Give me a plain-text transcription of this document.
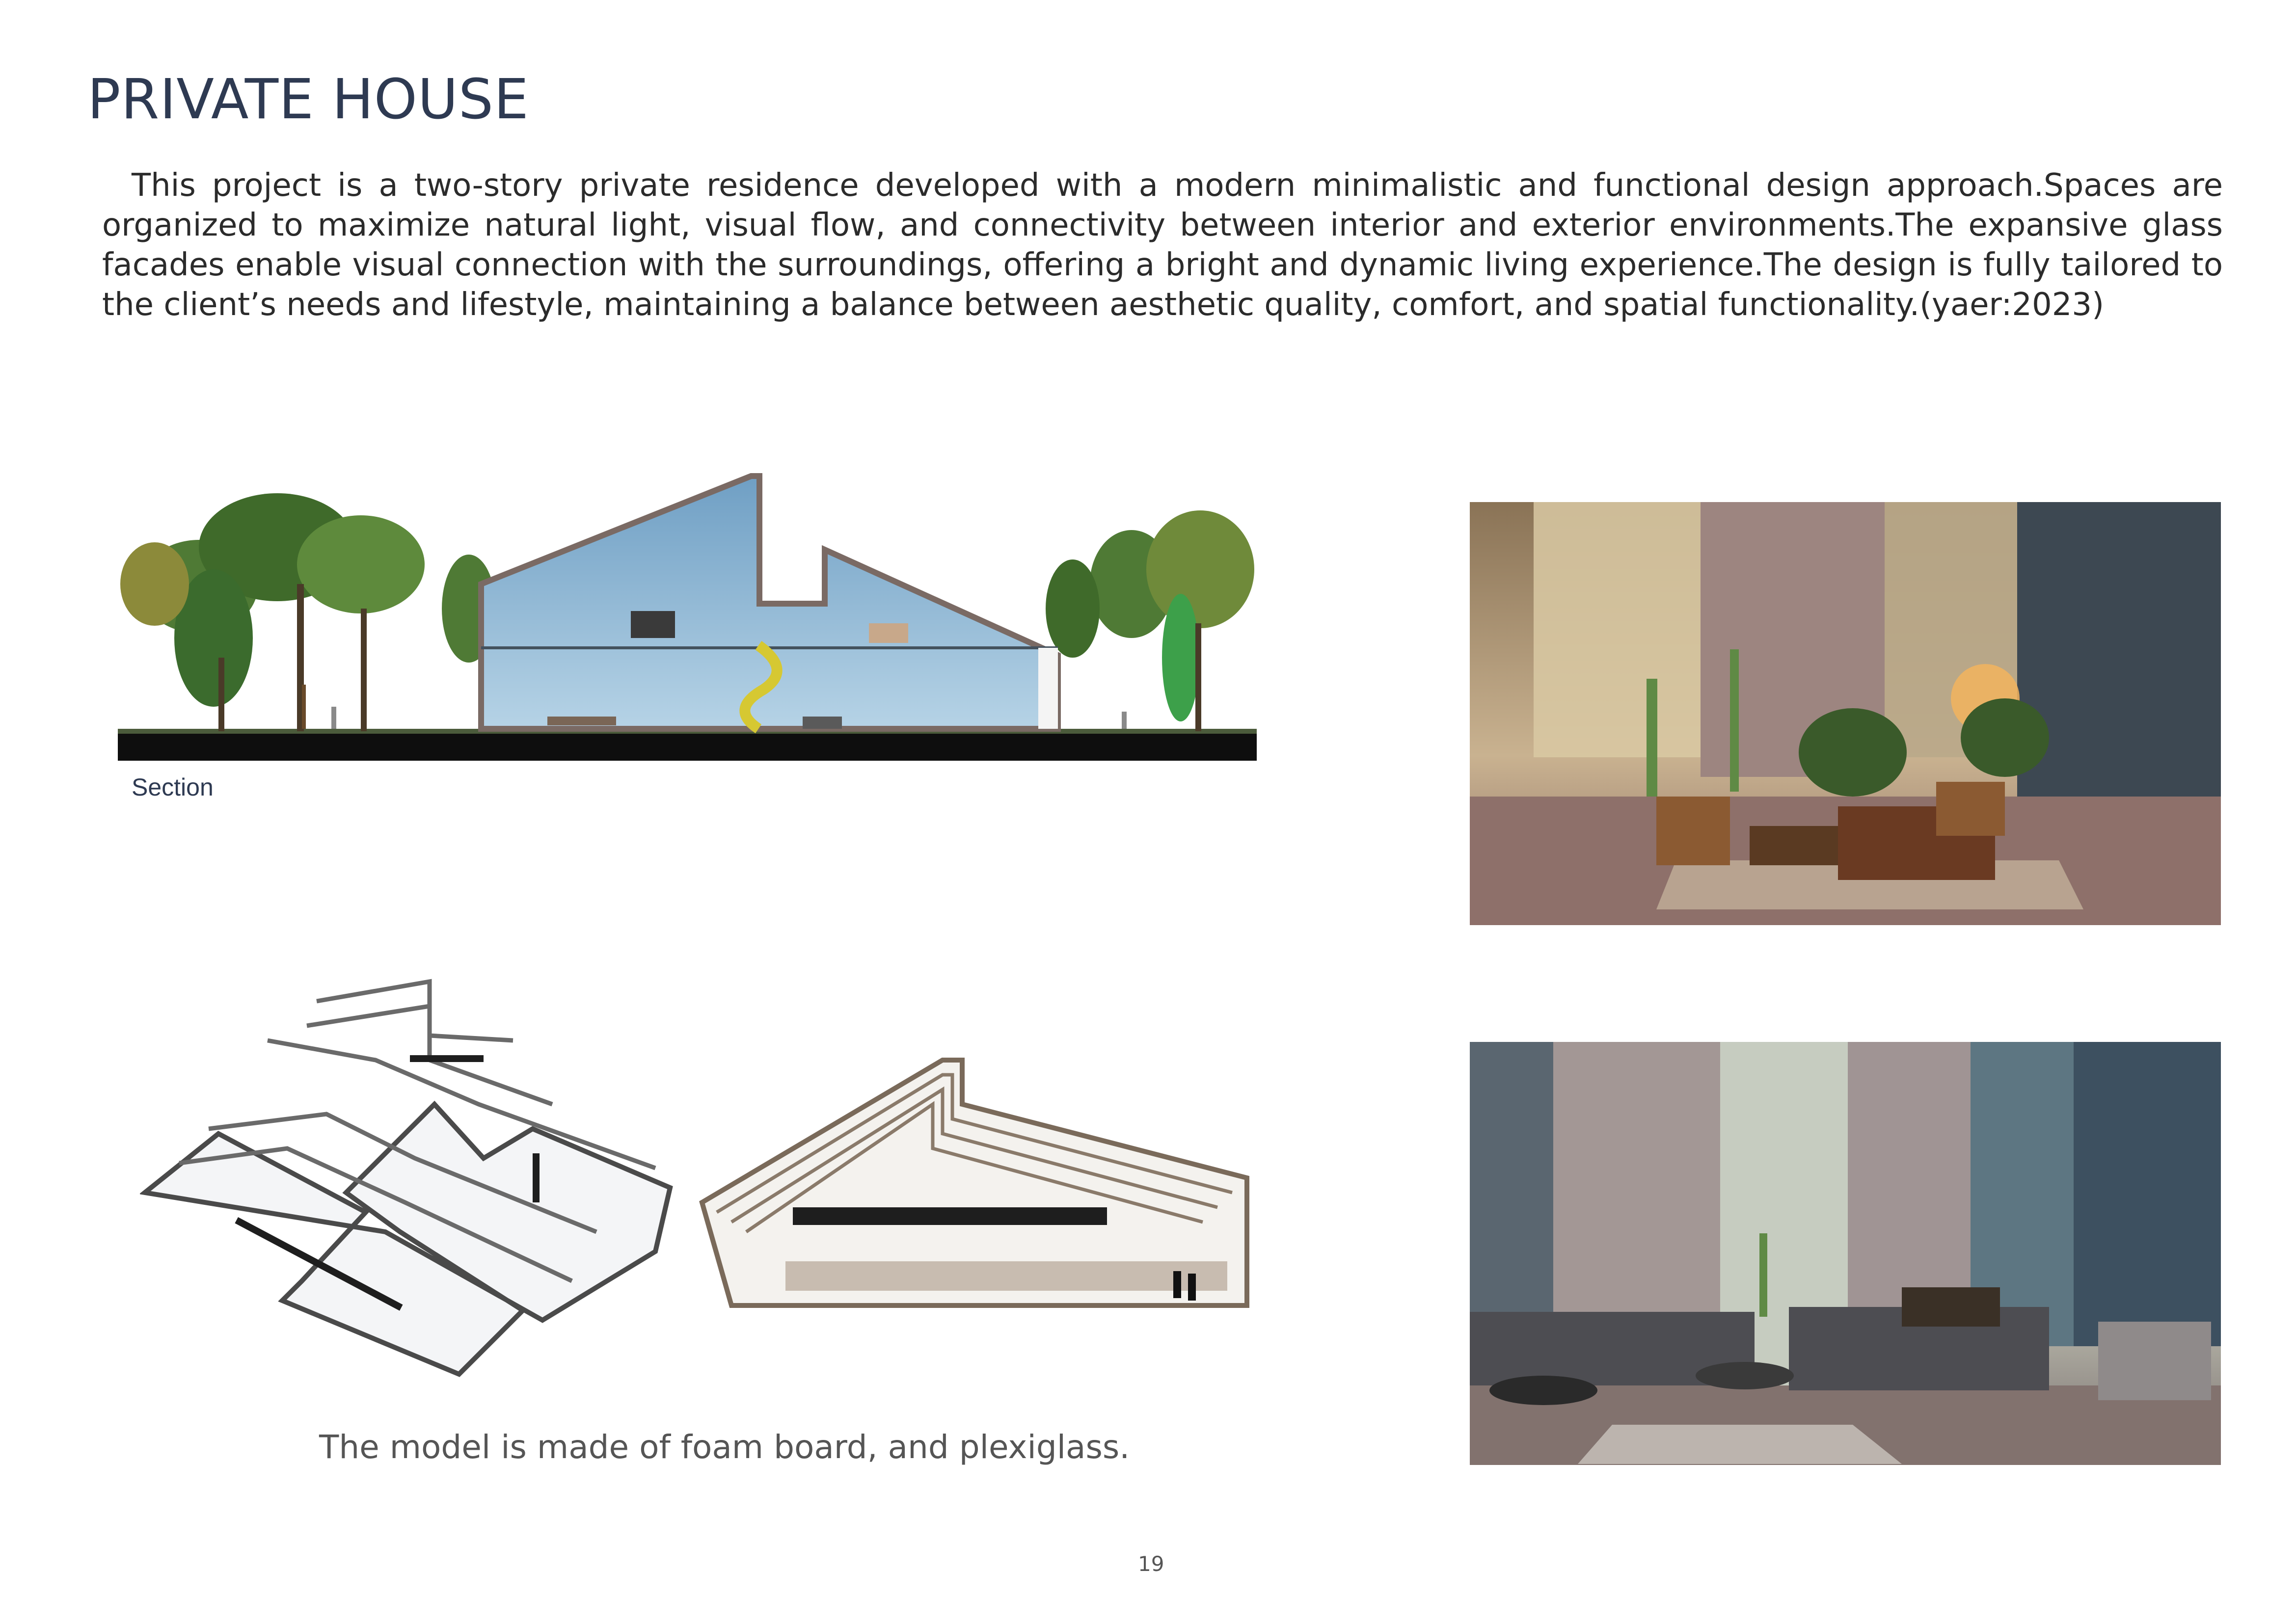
PRIVATE HOUSE

This project is a two-story private residence developed with a modern minimalistic and functional design approach.Spaces are organized to maximize natural light, visual flow, and connectivity between interior and exterior environments.The expansive glass facades enable visual connection with the surroundings, offering a bright and dynamic living experience.The design is fully tailored to the client’s needs and lifestyle, maintaining a balance between aesthetic quality, comfort, and spatial functionality.(yaer:2023)

Section
The model is made of foam board, and plexiglass.
19
